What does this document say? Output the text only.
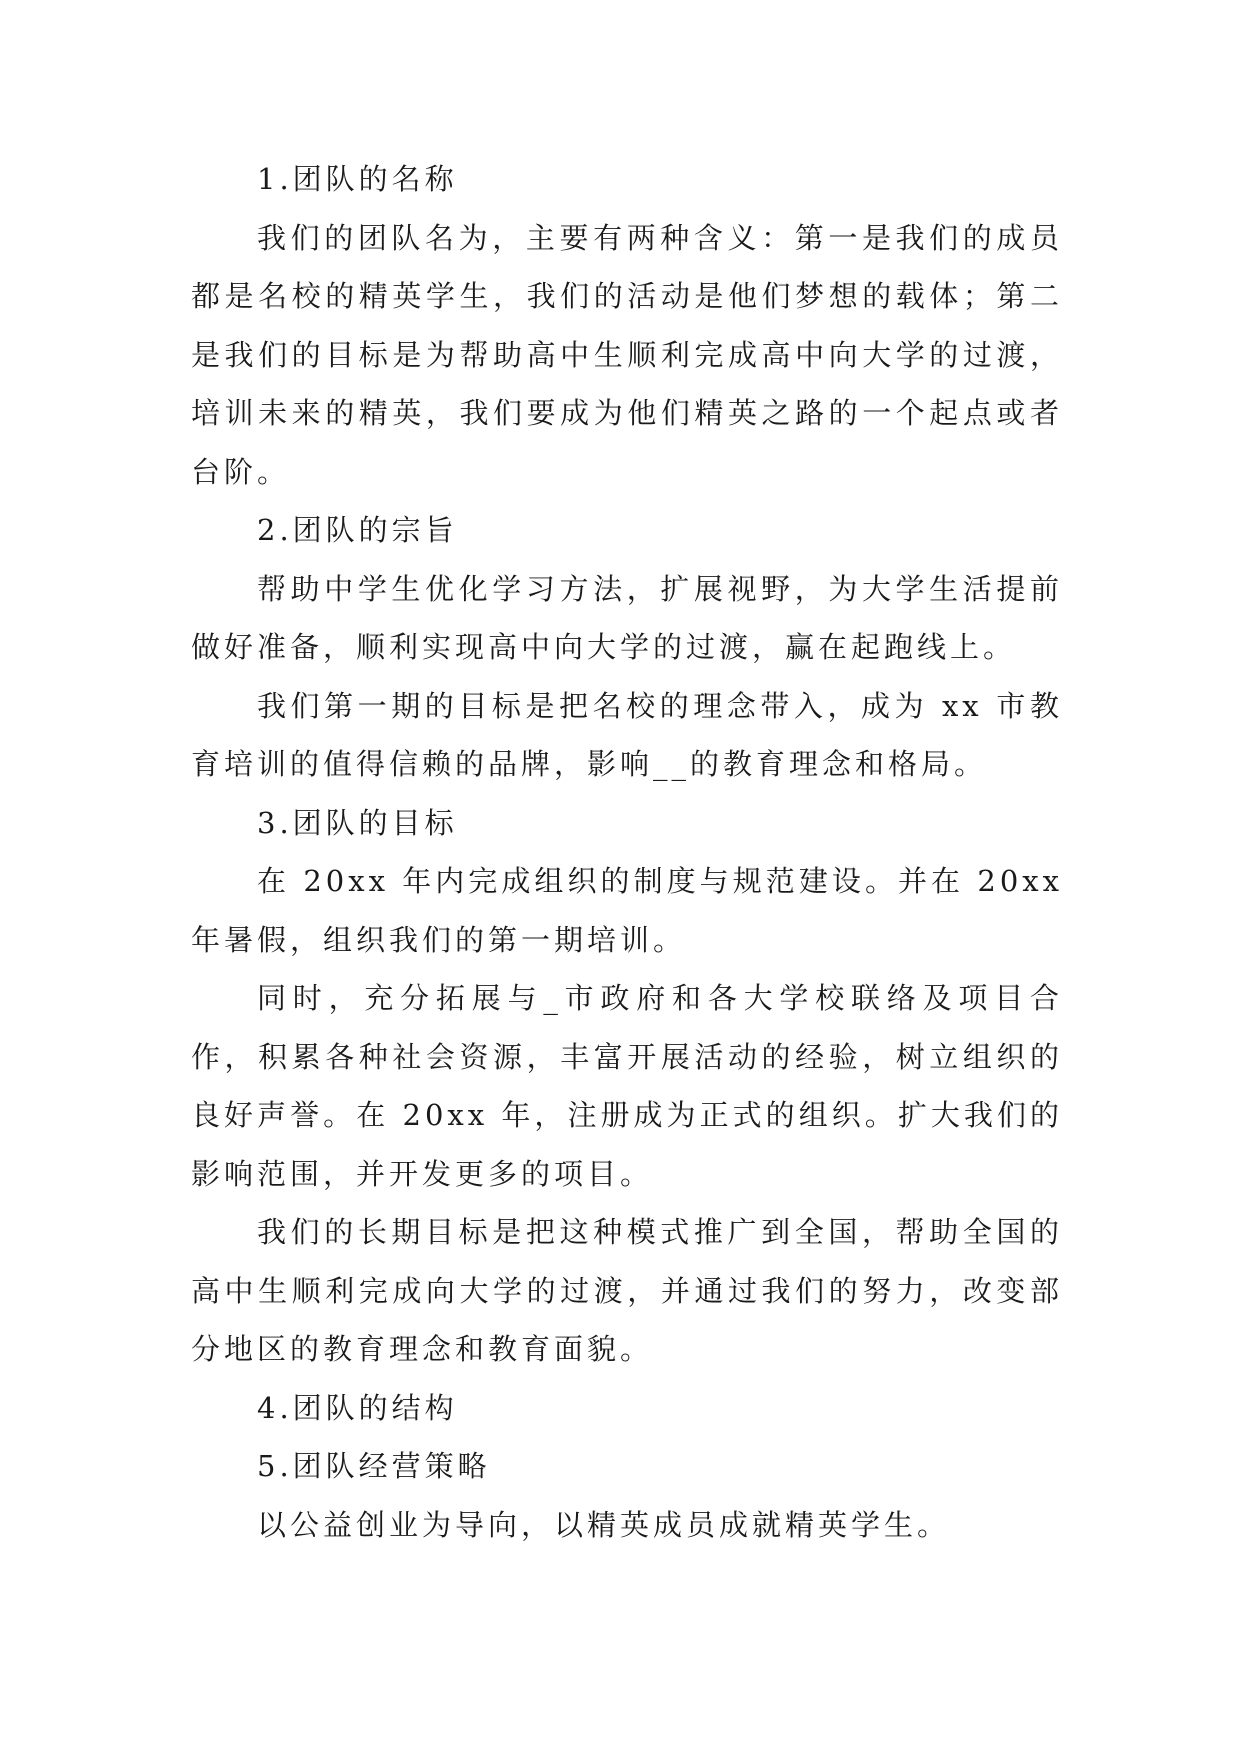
1.团队的名称

我们的团队名为，主要有两种含义：第一是我们的成员都是名校的精英学生，我们的活动是他们梦想的载体；第二是我们的目标是为帮助高中生顺利完成高中向大学的过渡，培训未来的精英，我们要成为他们精英之路的一个起点或者台阶。

2.团队的宗旨

帮助中学生优化学习方法，扩展视野，为大学生活提前做好准备，顺利实现高中向大学的过渡，赢在起跑线上。

我们第一期的目标是把名校的理念带入，成为 xx 市教育培训的值得信赖的品牌，影响__的教育理念和格局。

3.团队的目标

在 20xx 年内完成组织的制度与规范建设。并在 20xx 年暑假，组织我们的第一期培训。

同时，充分拓展与_市政府和各大学校联络及项目合作，积累各种社会资源，丰富开展活动的经验，树立组织的良好声誉。在 20xx 年，注册成为正式的组织。扩大我们的影响范围，并开发更多的项目。

我们的长期目标是把这种模式推广到全国，帮助全国的高中生顺利完成向大学的过渡，并通过我们的努力，改变部分地区的教育理念和教育面貌。

4.团队的结构

5.团队经营策略

以公益创业为导向，以精英成员成就精英学生。
